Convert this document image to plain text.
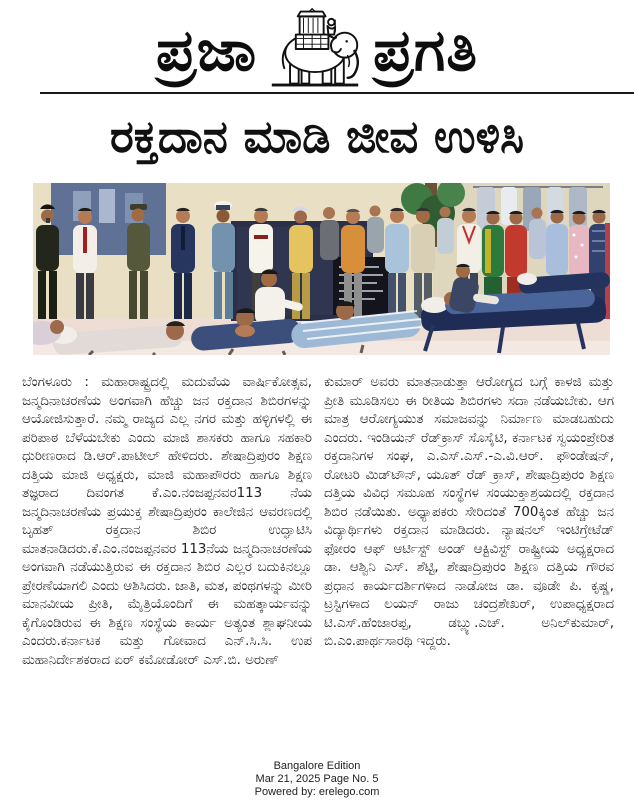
ಪ್ರಜಾ ಪ್ರಗತಿ
ರಕ್ತದಾನ ಮಾಡಿ ಜೀವ ಉಳಿಸಿ
ಬೆಂಗಳೂರು : ಮಹಾರಾಷ್ಟ್ರದಲ್ಲಿ ಮದುವೆಯ ವಾರ್ಷಿಕೋತ್ಸವ, ಜನ್ಮದಿನಾಚರಣೆಯ ಅಂಗವಾಗಿ ಹೆಚ್ಚು ಜನ ರಕ್ತದಾನ ಶಿಬಿರಗಳನ್ನು ಆಯೋಜಿಸುತ್ತಾರೆ. ನಮ್ಮ ರಾಜ್ಯದ ಎಲ್ಲ ನಗರ ಮತ್ತು ಹಳ್ಳಿಗಳಲ್ಲಿ ಈ ಪರಿಪಾಠ ಬೆಳೆಯಬೇಕು ಎಂದು ಮಾಜಿ ಶಾಸಕರು ಹಾಗೂ ಸಹಕಾರಿ ಧುರೀಣರಾದ ಡಿ.ಆರ್.ಪಾಟೀಲ್ ಹೇಳಿದರು. ಶೇಷಾದ್ರಿಪುರಂ ಶಿಕ್ಷಣ ದತ್ತಿಯ ಮಾಜಿ ಅಧ್ಯಕ್ಷರು, ಮಾಜಿ ಮಹಾಪೌರರು ಹಾಗೂ ಶಿಕ್ಷಣ ತಜ್ಞರಾದ ದಿವಂಗತ ಕೆ.ಎಂ.ನಂಜಪ್ಪನವರ113 ನೆಯ ಜನ್ಮದಿನಾಚರಣೆಯ ಪ್ರಯುಕ್ತ ಶೇಷಾದ್ರಿಪುರಂ ಕಾಲೇಜಿನ ಆವರಣದಲ್ಲಿ ಬೃಹತ್ ರಕ್ತದಾನ ಶಿಬಿರ ಉದ್ಘಾಟಿಸಿ ಮಾತನಾಡಿದರು.ಕೆ.ಎಂ.ನಂಜಪ್ಪನವರ 113ನೆಯ ಜನ್ಮದಿನಾಚರಣೆಯ ಅಂಗವಾಗಿ ನಡೆಯುತ್ತಿರುವ ಈ ರಕ್ತದಾನ ಶಿಬಿರ ಎಲ್ಲರ ಬದುಕಿನಲ್ಲೂ ಪ್ರೇರಣೆಯಾಗಲಿ ಎಂದು ಆಶಿಸಿದರು. ಜಾತಿ, ಮತ, ಪಂಥಗಳನ್ನು ಮೀರಿ ಮಾನವೀಯ ಪ್ರೀತಿ, ಮೈತ್ರಿಯೊಂದಿಗೆ ಈ ಮಹತ್ಕಾರ್ಯವನ್ನು ಕೈಗೊಂಡಿರುವ ಈ ಶಿಕ್ಷಣ ಸಂಸ್ಥೆಯ ಕಾರ್ಯ ಅತ್ಯಂತ ಶ್ಲಾಘನೀಯ ಎಂದರು.ಕರ್ನಾಟಕ ಮತ್ತು ಗೋವಾದ ಎನ್.ಸಿ.ಸಿ. ಉಪ ಮಹಾನಿರ್ದೇಶಕರಾದ ಏರ್ ಕಮೋಡೋರ್ ಎಸ್.ಬಿ. ಅರುಣ್
ಕುಮಾರ್ ಅವರು ಮಾತನಾಡುತ್ತಾ ಆರೋಗ್ಯದ ಬಗ್ಗೆ ಕಾಳಜಿ ಮತ್ತು ಪ್ರೀತಿ ಮೂಡಿಸಲು ಈ ರೀತಿಯ ಶಿಬಿರಗಳು ಸದಾ ನಡೆಯಬೇಕು. ಆಗ ಮಾತ್ರ ಆರೋಗ್ಯಯುತ ಸಮಾಜವನ್ನು ನಿರ್ಮಾಣ ಮಾಡಬಹುದು ಎಂದರು. ಇಂಡಿಯನ್ ರೆಡ್‌ಕ್ರಾಸ್ ಸೊಸೈಟಿ, ಕರ್ನಾಟಕ ಸ್ವಯಂಪ್ರೇರಿತ ರಕ್ತದಾನಿಗಳ ಸಂಘ, ಎ.ಎಸ್.ಎಸ್.-ಎ.ವಿ.ಆರ್. ಫೌಂಡೇಷನ್, ರೋಟರಿ ಮಿಡ್‌ಟೌನ್, ಯೂತ್ ರೆಡ್ ಕ್ರಾಸ್, ಶೇಷಾದ್ರಿಪುರಂ ಶಿಕ್ಷಣ ದತ್ತಿಯ ವಿವಿಧ ಸಮೂಹ ಸಂಸ್ಥೆಗಳ ಸಂಯುಕ್ತಾಶ್ರಯದಲ್ಲಿ ರಕ್ತದಾನ ಶಿಬಿರ ನಡೆಯಿತು. ಅಧ್ಯಾಪಕರು ಸೇರಿದಂತೆ 700ಕ್ಕಿಂತ ಹೆಚ್ಚು ಜನ ವಿದ್ಯಾರ್ಥಿಗಳು ರಕ್ತದಾನ ಮಾಡಿದರು. ನ್ಯಾಷನಲ್ ಇಂಟಿಗ್ರೇಟೆಡ್ ಫೋರಂ ಆಫ್ ಆರ್ಟಿಸ್ಟ್ ಅಂಡ್ ಆಕ್ಟಿವಿಸ್ಟ್ ರಾಷ್ಟ್ರೀಯ ಅಧ್ಯಕ್ಷರಾದ ಡಾ. ಆಶ್ವಿನಿ ಎಸ್. ಶೆಟ್ಟಿ, ಶೇಷಾದ್ರಿಪುರಂ ಶಿಕ್ಷಣ ದತ್ತಿಯ ಗೌರವ ಪ್ರಧಾನ ಕಾರ್ಯದರ್ಶಿಗಳಾದ ನಾಡೋಜ ಡಾ. ವೂಡೇ ಪಿ. ಕೃಷ್ಣ, ಟ್ರಸ್ಟಿಗಳಾದ ಲಯನ್ ರಾಜು ಚಂದ್ರಶೇಖರ್, ಉಪಾಧ್ಯಕ್ಷರಾದ ಟಿ.ಎಸ್.ಹೆಂಜಾರಪ್ಪ, ಡಬ್ಲ್ಯು.ಎಚ್. ಅನಿಲ್‌ಕುಮಾರ್, ಬಿ.ಎಂ.ಪಾರ್ಥಸಾರಥಿ ಇದ್ದರು.
Bangalore Edition
Mar 21, 2025 Page No. 5
Powered by: erelego.com
